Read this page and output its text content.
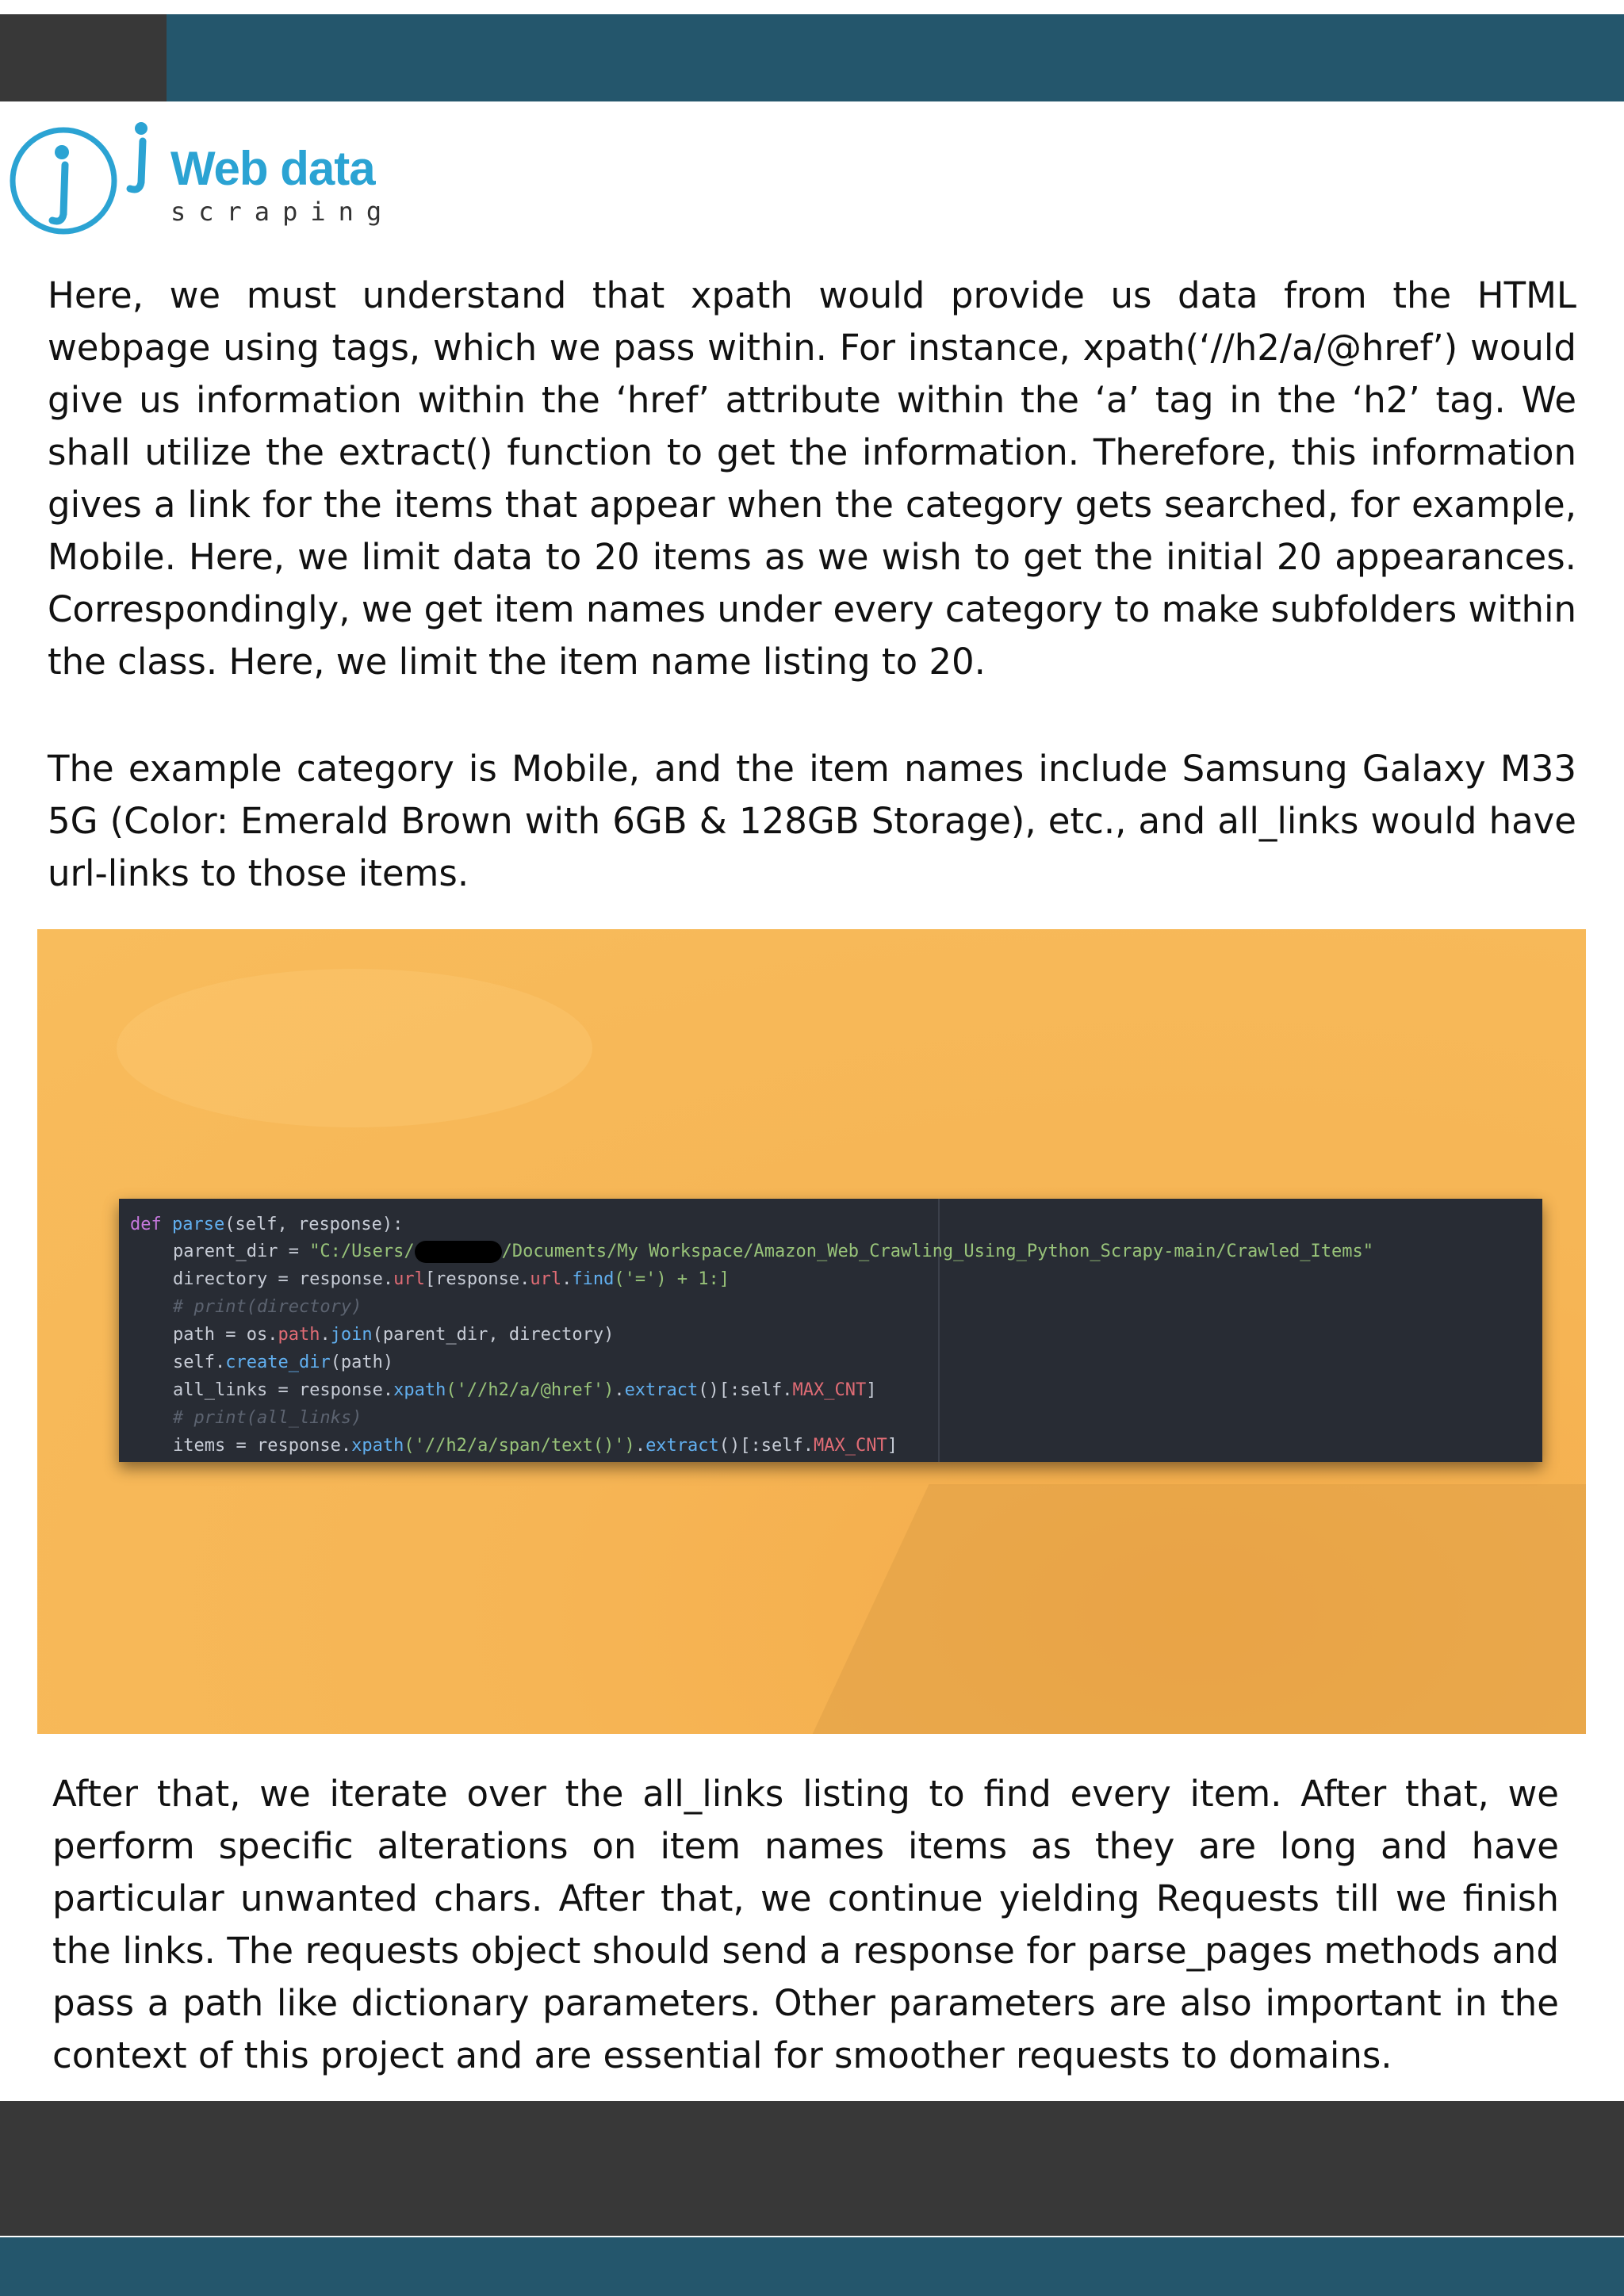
Web data
scraping

Here, we must understand that xpath would provide us data from the HTML webpage using tags, which we pass within. For instance, xpath(‘//h2/a/@href’) would give us information within the ‘href’ attribute within the ‘a’ tag in the ‘h2’ tag. We shall utilize the extract() function to get the information. Therefore, this information gives a link for the items that appear when the category gets searched, for example, Mobile. Here, we limit data to 20 items as we wish to get the initial 20 appearances. Correspondingly, we get item names under every category to make subfolders within the class. Here, we limit the item name listing to 20.

The example category is Mobile, and the item names include Samsung Galaxy M33 5G (Color: Emerald Brown with 6GB & 128GB Storage), etc., and all_links would have url-links to those items.

def parse(self, response):
parent_dir = "C:/Users/	/Documents/My Workspace/Amazon_Web_Crawling_Using_Python_Scrapy-main/Crawled_Items"
directory = response.url[response.url.find('=') + 1:]
# print(directory)
path = os.path.join(parent_dir, directory)
self.create_dir(path)
all_links = response.xpath('//h2/a/@href').extract()[:self.MAX_CNT]
# print(all_links)
items = response.xpath('//h2/a/span/text()').extract()[:self.MAX_CNT]

After that, we iterate over the all_links listing to find every item. After that, we perform specific alterations on item names items as they are long and have particular unwanted chars. After that, we continue yielding Requests till we finish the links. The requests object should send a response for parse_pages methods and pass a path like dictionary parameters. Other parameters are also important in the context of this project and are essential for smoother requests to domains.
